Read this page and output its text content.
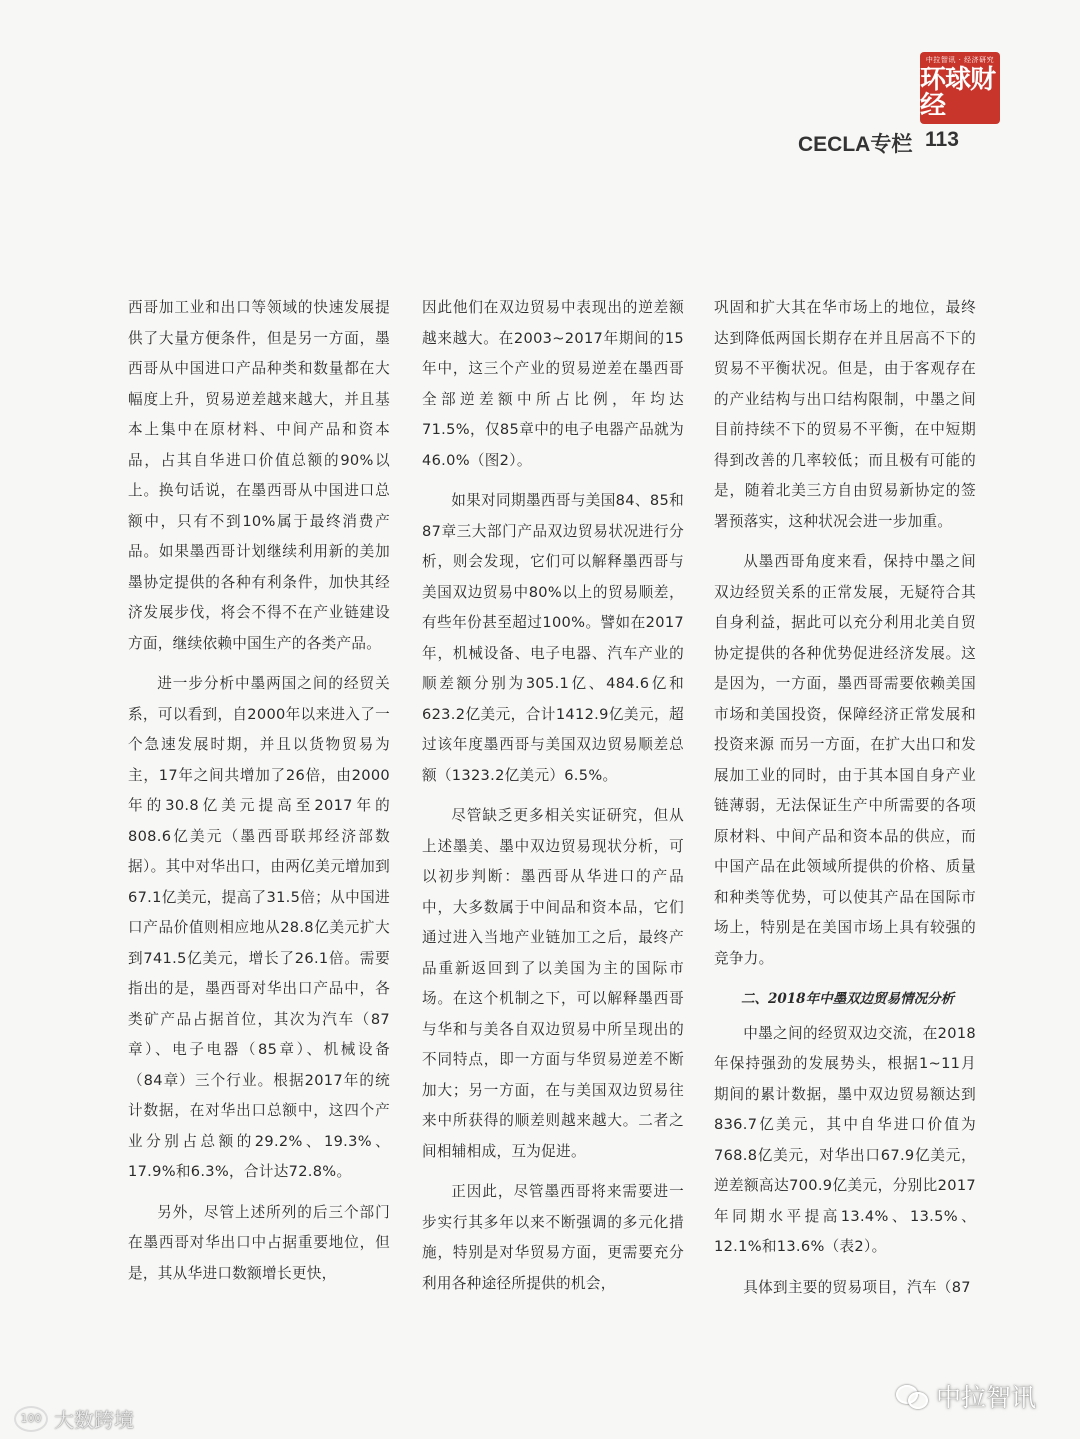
中拉智讯 · 经济研究
环球财经
CECLA专栏 113

西哥加工业和出口等领域的快速发展提供了大量方便条件，但是另一方面，墨西哥从中国进口产品种类和数量都在大幅度上升，贸易逆差越来越大，并且基本上集中在原材料、中间产品和资本品，占其自华进口价值总额的90%以上。换句话说，在墨西哥从中国进口总额中，只有不到10%属于最终消费产品。如果墨西哥计划继续利用新的美加墨协定提供的各种有利条件，加快其经济发展步伐，将会不得不在产业链建设方面，继续依赖中国生产的各类产品。

进一步分析中墨两国之间的经贸关系，可以看到，自2000年以来进入了一个急速发展时期，并且以货物贸易为主，17年之间共增加了26倍，由2000年的30.8亿美元提高至2017年的808.6亿美元（墨西哥联邦经济部数据）。其中对华出口，由两亿美元增加到67.1亿美元，提高了31.5倍；从中国进口产品价值则相应地从28.8亿美元扩大到741.5亿美元，增长了26.1倍。需要指出的是，墨西哥对华出口产品中，各类矿产品占据首位，其次为汽车（87章）、电子电器（85章）、机械设备（84章）三个行业。根据2017年的统计数据，在对华出口总额中，这四个产业分别占总额的29.2%、19.3%、17.9%和6.3%，合计达72.8%。

另外，尽管上述所列的后三个部门在墨西哥对华出口中占据重要地位，但是，其从华进口数额增长更快，

因此他们在双边贸易中表现出的逆差额越来越大。在2003~2017年期间的15年中，这三个产业的贸易逆差在墨西哥全部逆差额中所占比例，年均达71.5%，仅85章中的电子电器产品就为46.0%（图2）。

如果对同期墨西哥与美国84、85和87章三大部门产品双边贸易状况进行分析，则会发现，它们可以解释墨西哥与美国双边贸易中80%以上的贸易顺差，有些年份甚至超过100%。譬如在2017年，机械设备、电子电器、汽车产业的顺差额分别为305.1亿、484.6亿和623.2亿美元，合计1412.9亿美元，超过该年度墨西哥与美国双边贸易顺差总额（1323.2亿美元）6.5%。

尽管缺乏更多相关实证研究，但从上述墨美、墨中双边贸易现状分析，可以初步判断：墨西哥从华进口的产品中，大多数属于中间品和资本品，它们通过进入当地产业链加工之后，最终产品重新返回到了以美国为主的国际市场。在这个机制之下，可以解释墨西哥与华和与美各自双边贸易中所呈现出的不同特点，即一方面与华贸易逆差不断加大；另一方面，在与美国双边贸易往来中所获得的顺差则越来越大。二者之间相辅相成，互为促进。

正因此，尽管墨西哥将来需要进一步实行其多年以来不断强调的多元化措施，特别是对华贸易方面，更需要充分利用各种途径所提供的机会，

巩固和扩大其在华市场上的地位，最终达到降低两国长期存在并且居高不下的贸易不平衡状况。但是，由于客观存在的产业结构与出口结构限制，中墨之间目前持续不下的贸易不平衡，在中短期得到改善的几率较低；而且极有可能的是，随着北美三方自由贸易新协定的签署预落实，这种状况会进一步加重。

从墨西哥角度来看，保持中墨之间双边经贸关系的正常发展，无疑符合其自身利益，据此可以充分利用北美自贸协定提供的各种优势促进经济发展。这是因为，一方面，墨西哥需要依赖美国市场和美国投资，保障经济正常发展和投资来源 而另一方面，在扩大出口和发展加工业的同时，由于其本国自身产业链薄弱，无法保证生产中所需要的各项原材料、中间产品和资本品的供应，而中国产品在此领域所提供的价格、质量和种类等优势，可以使其产品在国际市场上，特别是在美国市场上具有较强的竞争力。

二、2018年中墨双边贸易情况分析

中墨之间的经贸双边交流，在2018年保持强劲的发展势头，根据1~11月期间的累计数据，墨中双边贸易额达到836.7亿美元，其中自华进口价值为768.8亿美元，对华出口67.9亿美元，逆差额高达700.9亿美元，分别比2017年同期水平提高13.4%、13.5%、12.1%和13.6%（表2）。

具体到主要的贸易项目，汽车（87

100 大数跨境
中拉智讯
